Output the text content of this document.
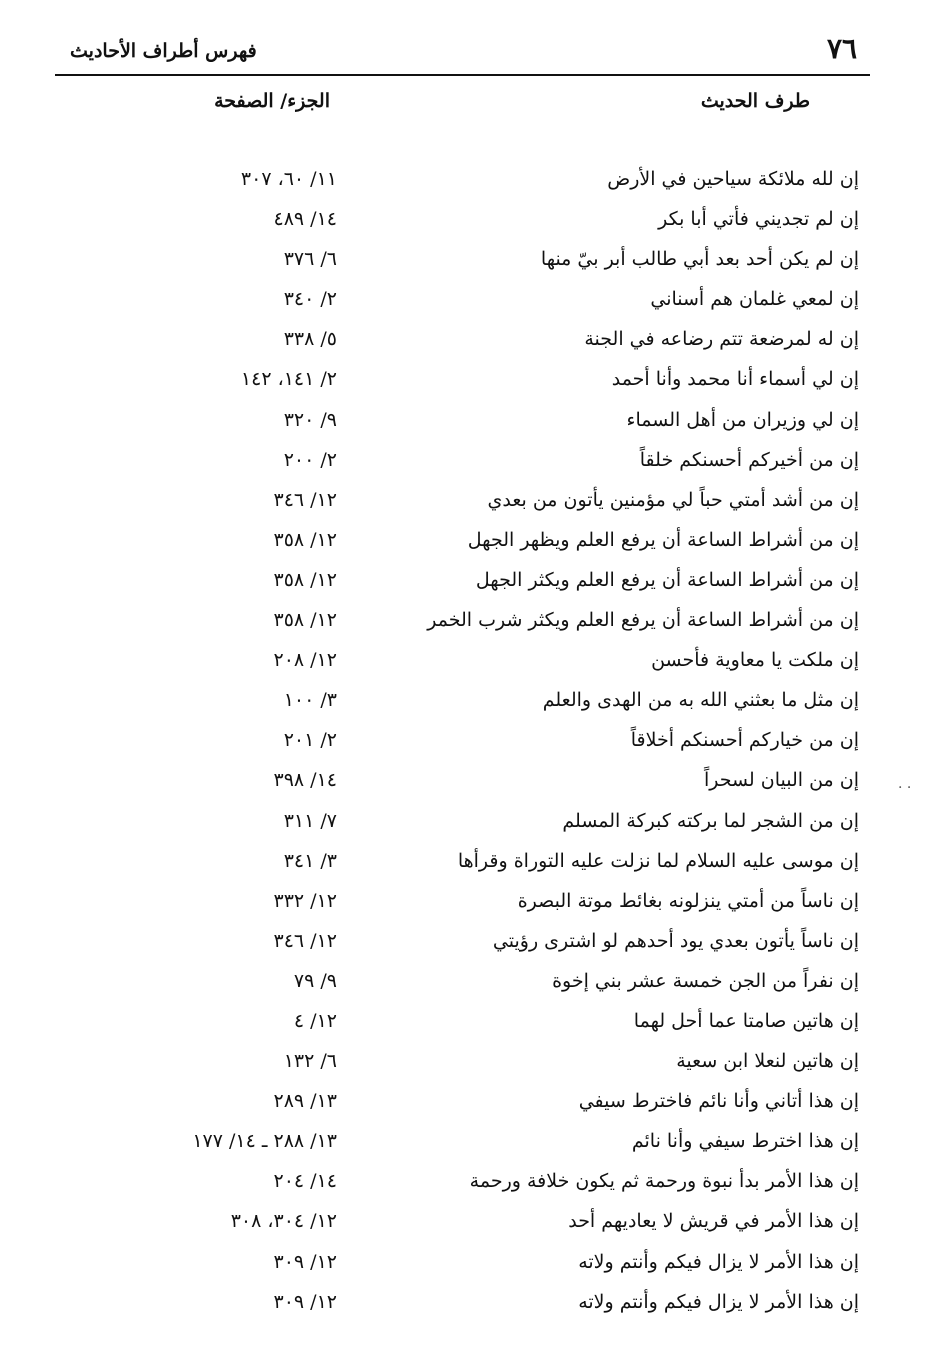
٧٦
فهرس أطراف الأحاديث
طرف الحديث
الجزء/ الصفحة
إن لله ملائكة سياحين في الأرض
١١/ ٦٠، ٣٠٧
إن لم تجديني فأتي أبا بكر
١٤/ ٤٨٩
إن لم يكن أحد بعد أبي طالب أبر بيّ منها
٦/ ٣٧٦
إن لمعي غلمان هم أسناني
٢/ ٣٤٠
إن له لمرضعة تتم رضاعه في الجنة
٥/ ٣٣٨
إن لي أسماء أنا محمد وأنا أحمد
٢/ ١٤١، ١٤٢
إن لي وزيران من أهل السماء
٩/ ٣٢٠
إن من أخيركم أحسنكم خلقاً
٢/ ٢٠٠
إن من أشد أمتي حباً لي مؤمنين يأتون من بعدي
١٢/ ٣٤٦
إن من أشراط الساعة أن يرفع العلم ويظهر الجهل
١٢/ ٣٥٨
إن من أشراط الساعة أن يرفع العلم ويكثر الجهل
١٢/ ٣٥٨
إن من أشراط الساعة أن يرفع العلم ويكثر شرب الخمر
١٢/ ٣٥٨
إن ملكت يا معاوية فأحسن
١٢/ ٢٠٨
إن مثل ما بعثني الله به من الهدى والعلم
٣/ ١٠٠
إن من خياركم أحسنكم أخلاقاً
٢/ ٢٠١
إن من البيان لسحراً
١٤/ ٣٩٨
إن من الشجر لما بركته كبركة المسلم
٧/ ٣١١
إن موسى عليه السلام لما نزلت عليه التوراة وقرأها
٣/ ٣٤١
إن ناساً من أمتي ينزلونه بغائط موتة البصرة
١٢/ ٣٣٢
إن ناساً يأتون بعدي يود أحدهم لو اشترى رؤيتي
١٢/ ٣٤٦
إن نفراً من الجن خمسة عشر بني إخوة
٩/ ٧٩
إن هاتين صامتا عما أحل لهما
١٢/ ٤
إن هاتين لنعلا ابن سعية
٦/ ١٣٢
إن هذا أتاني وأنا نائم فاخترط سيفي
١٣/ ٢٨٩
إن هذا اخترط سيفي وأنا نائم
١٣/ ٢٨٨ ـ ١٤/ ١٧٧
إن هذا الأمر بدأ نبوة ورحمة ثم يكون خلافة ورحمة
١٤/ ٢٠٤
إن هذا الأمر في قريش لا يعاديهم أحد
١٢/ ٣٠٤، ٣٠٨
إن هذا الأمر لا يزال فيكم وأنتم ولاته
١٢/ ٣٠٩
إن هذا الأمر لا يزال فيكم وأنتم ولاته
١٢/ ٣٠٩
· ·
